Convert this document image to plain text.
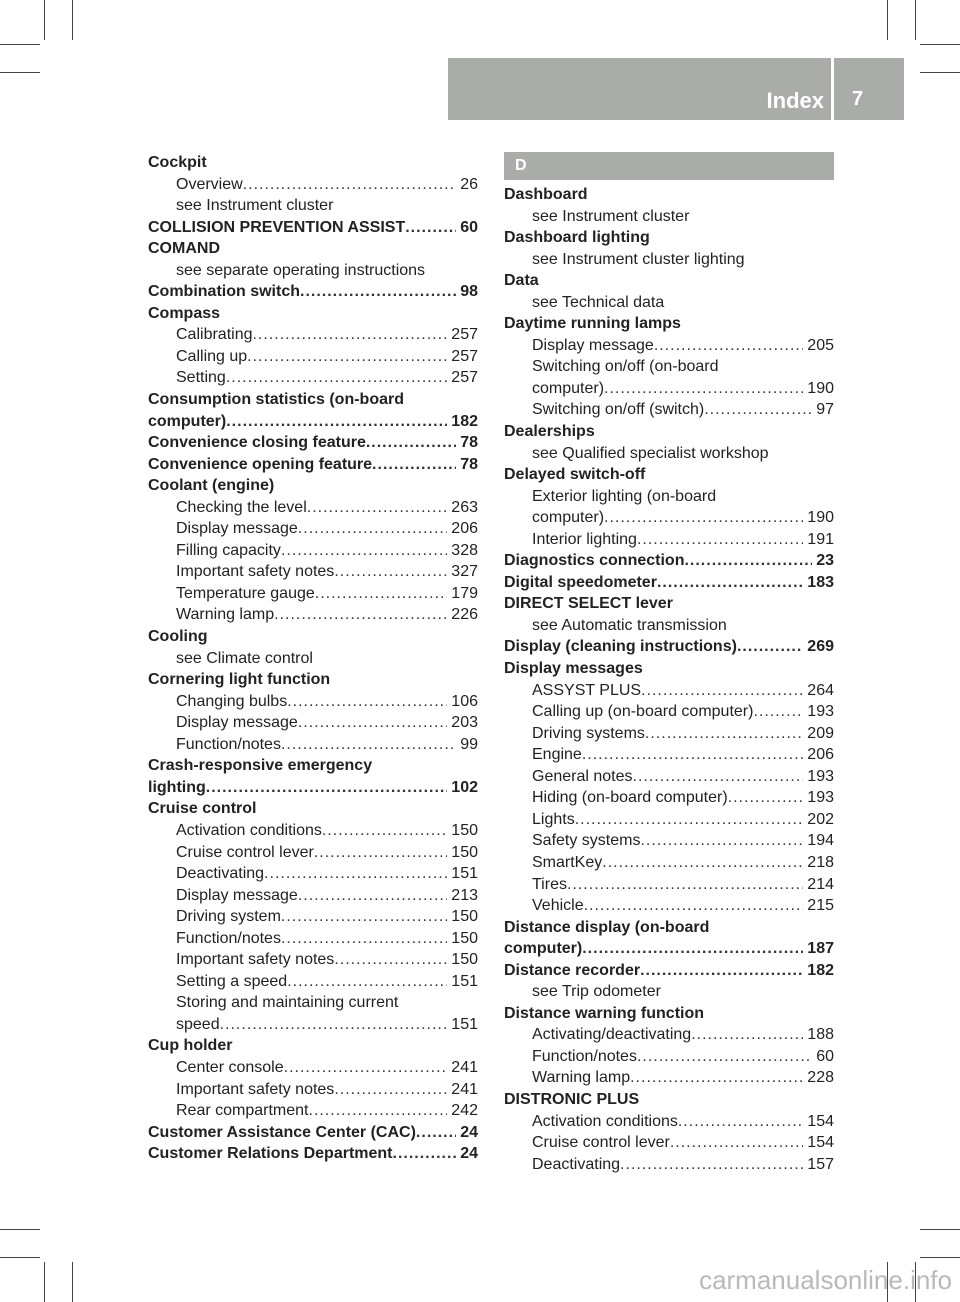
Index 7
Cockpit
Overview .....	26
see Instrument cluster
COLLISION PREVENTION ASSIST .....	60
COMAND
see separate operating instructions
Combination switch .....	98
Compass
Calibrating .....	257
Calling up .....	257
Setting .....	257
Consumption statistics (on-board
computer) .....	182
Convenience closing feature .....	78
Convenience opening feature .....	78
Coolant (engine)
Checking the level .....	263
Display message .....	206
Filling capacity .....	328
Important safety notes .....	327
Temperature gauge .....	179
Warning lamp .....	226
Cooling
see Climate control
Cornering light function
Changing bulbs .....	106
Display message .....	203
Function/notes .....	99
Crash-responsive emergency
lighting .....	102
Cruise control
Activation conditions .....	150
Cruise control lever .....	150
Deactivating .....	151
Display message .....	213
Driving system .....	150
Function/notes .....	150
Important safety notes .....	150
Setting a speed .....	151
Storing and maintaining current
speed .....	151
Cup holder
Center console .....	241
Important safety notes .....	241
Rear compartment .....	242
Customer Assistance Center (CAC) .....	24
Customer Relations Department .....	24
D
Dashboard
see Instrument cluster
Dashboard lighting
see Instrument cluster lighting
Data
see Technical data
Daytime running lamps
Display message .....	205
Switching on/off (on-board
computer) .....	190
Switching on/off (switch) .....	97
Dealerships
see Qualified specialist workshop
Delayed switch-off
Exterior lighting (on-board
computer) .....	190
Interior lighting .....	191
Diagnostics connection .....	23
Digital speedometer .....	183
DIRECT SELECT lever
see Automatic transmission
Display (cleaning instructions) .....	269
Display messages
ASSYST PLUS .....	264
Calling up (on-board computer) .....	193
Driving systems .....	209
Engine .....	206
General notes .....	193
Hiding (on-board computer) .....	193
Lights .....	202
Safety systems .....	194
SmartKey .....	218
Tires .....	214
Vehicle .....	215
Distance display (on-board
computer) .....	187
Distance recorder .....	182
see Trip odometer
Distance warning function
Activating/deactivating .....	188
Function/notes .....	60
Warning lamp .....	228
DISTRONIC PLUS
Activation conditions .....	154
Cruise control lever .....	154
Deactivating .....	157
carmanualsonline.info
